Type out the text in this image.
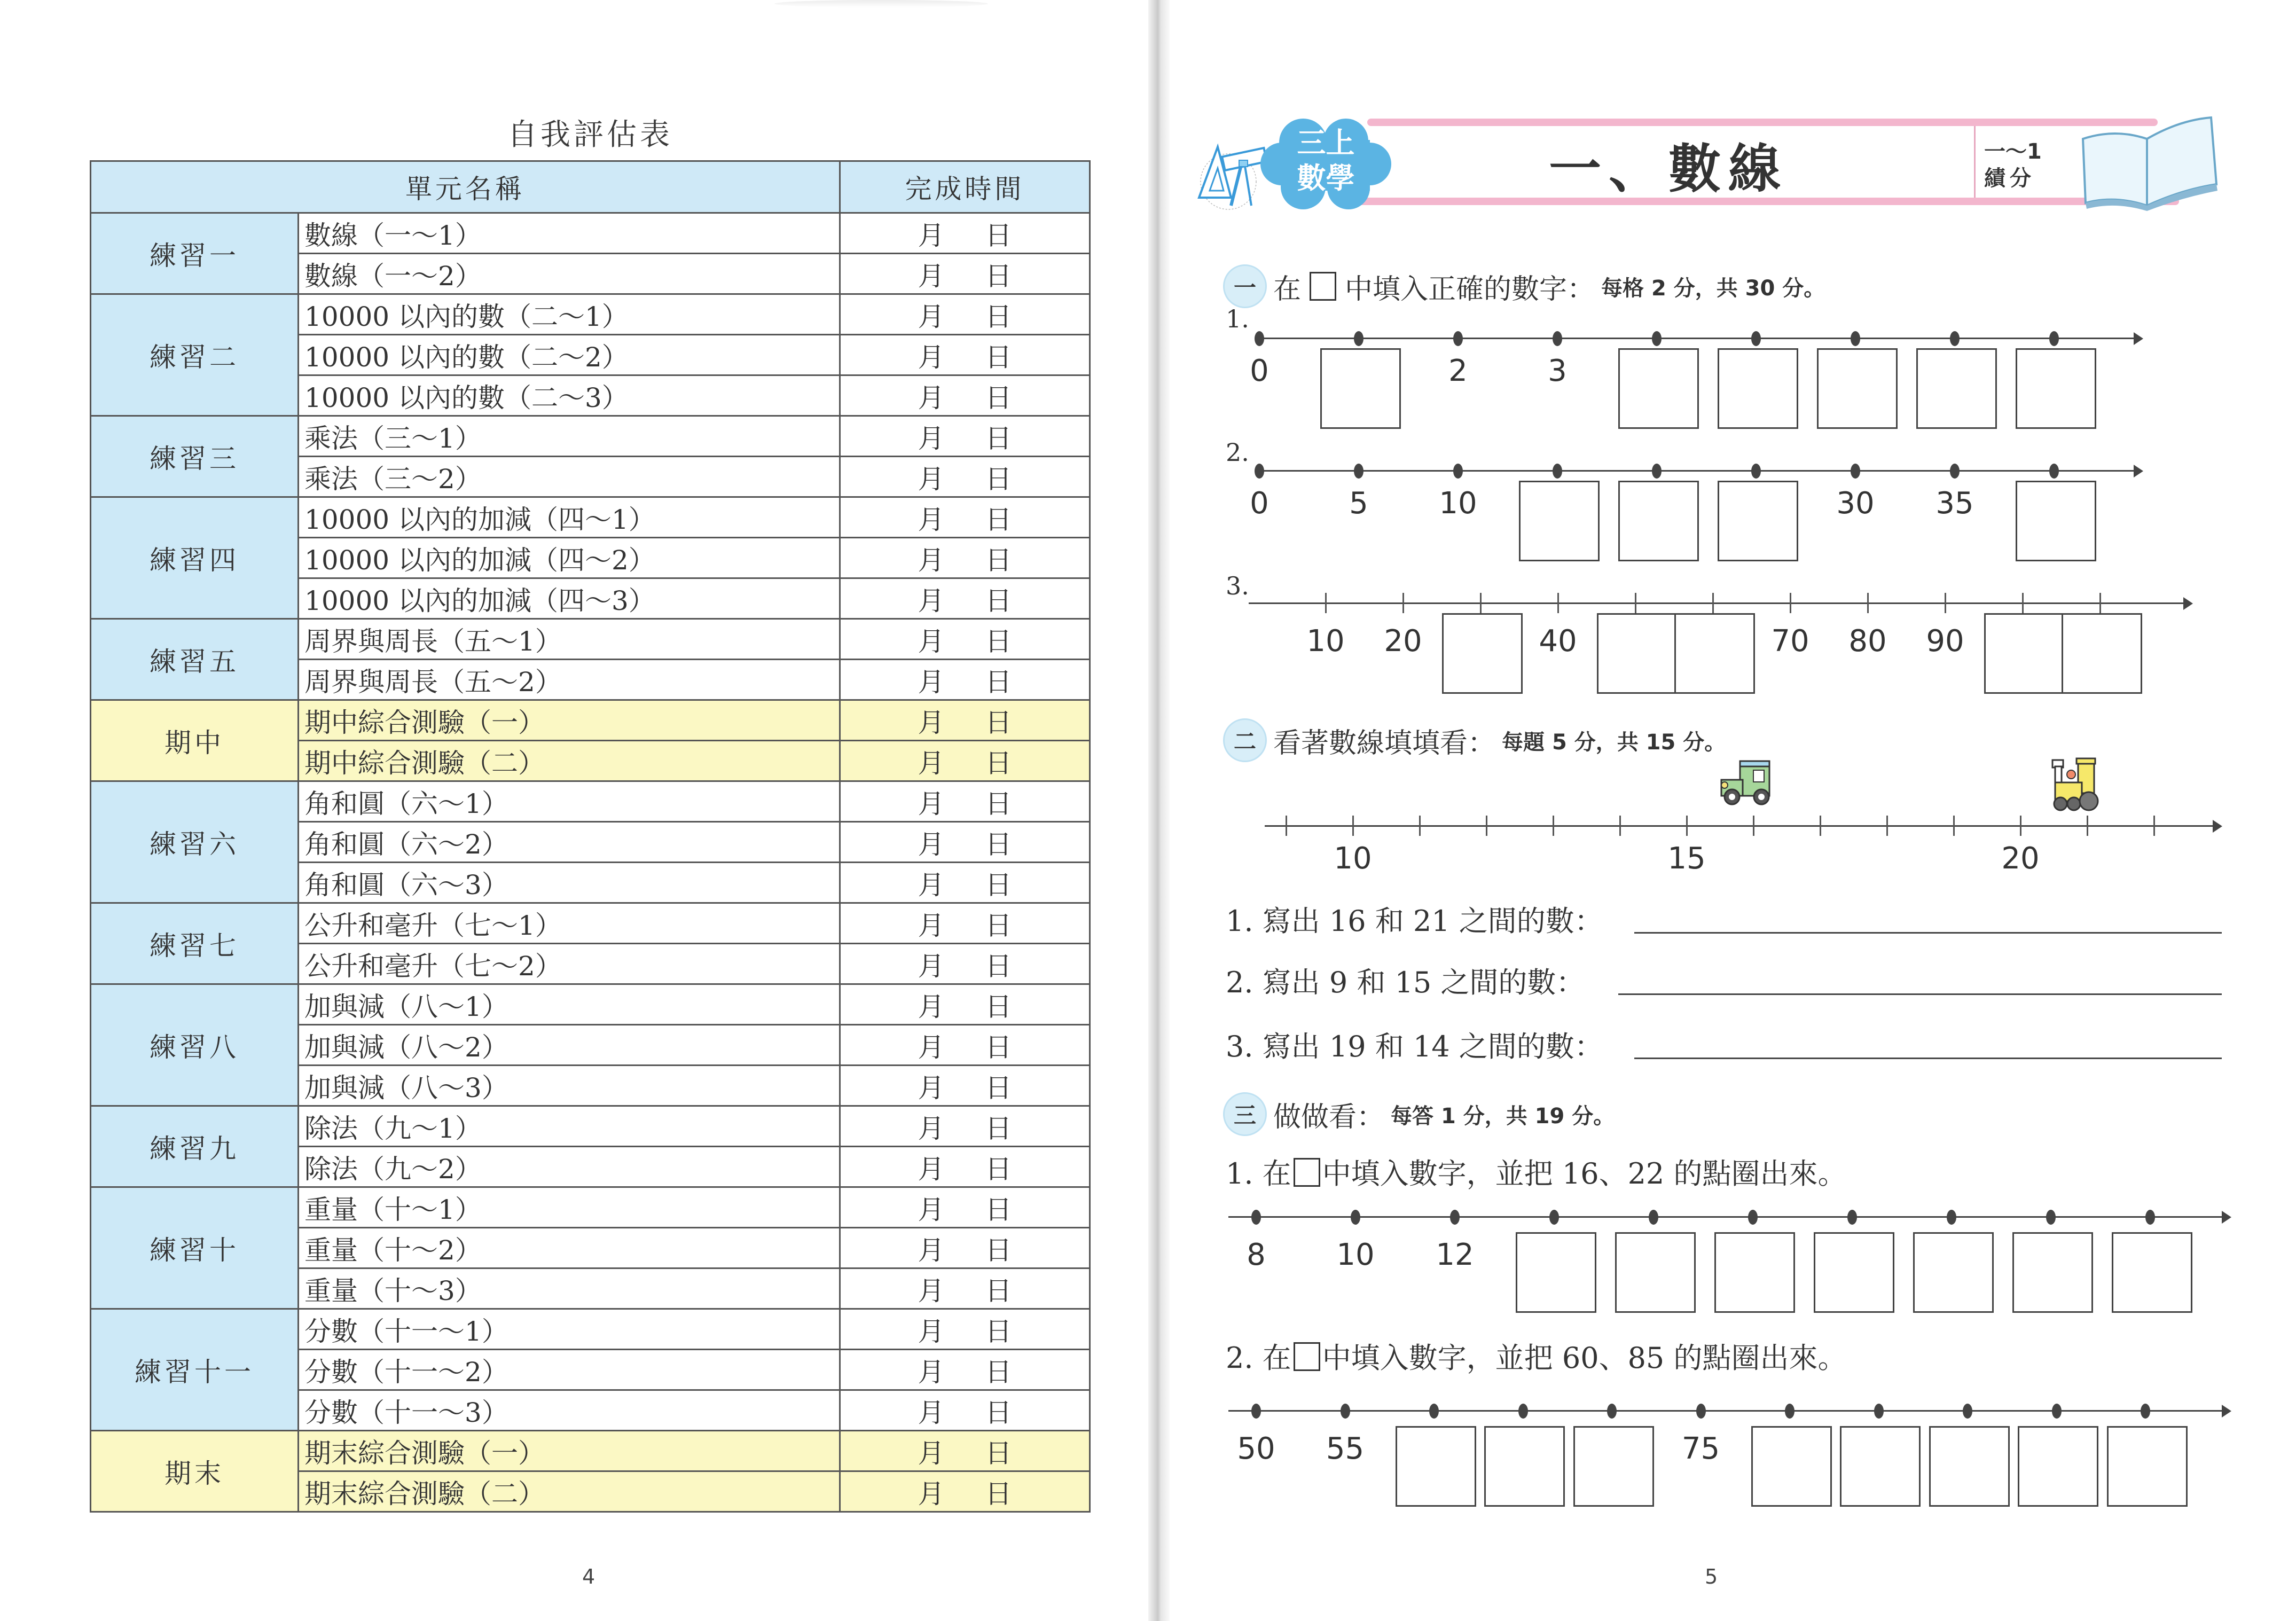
自我評估表
單元名稱		完成時間
練習一	數線（一～1）	月 日
	數線（一～2）	月 日
練習二	10000 以內的數（二～1）	月 日
	10000 以內的數（二～2）	月 日
	10000 以內的數（二～3）	月 日
練習三	乘法（三～1）	月 日
	乘法（三～2）	月 日
練習四	10000 以內的加減（四～1）	月 日
	10000 以內的加減（四～2）	月 日
	10000 以內的加減（四～3）	月 日
練習五	周界與周長（五～1）	月 日
	周界與周長（五～2）	月 日
期中	期中綜合測驗（一）	月 日
	期中綜合測驗（二）	月 日
練習六	角和圓（六～1）	月 日
	角和圓（六～2）	月 日
	角和圓（六～3）	月 日
練習七	公升和毫升（七～1）	月 日
	公升和毫升（七～2）	月 日
練習八	加與減（八～1）	月 日
	加與減（八～2）	月 日
	加與減（八～3）	月 日
練習九	除法（九～1）	月 日
	除法（九～2）	月 日
練習十	重量（十～1）	月 日
	重量（十～2）	月 日
	重量（十～3）	月 日
練習十一	分數（十一～1）	月 日
	分數（十一～2）	月 日
	分數（十一～3）	月 日
期末	期末綜合測驗（一）	月 日
	期末綜合測驗（二）	月 日
4
三上
數學	一、數線	一～1
績分
一 在 中填入正確的數字： 每格 2 分，共 30 分。
二 看著數線填填看： 每題 5 分，共 15 分。
三 做做看： 每答 1 分，共 19 分。
1. 在 中填入數字，並把 16、22 的點圈出來。
2. 在 中填入數字，並把 60、85 的點圈出來。
5
1.
2.
3.
0	2	3
0	5	10	30	35
10	20	40	70	80	90
10	15	20
1. 寫出 16 和 21 之間的數：
2. 寫出 9 和 15 之間的數：
3. 寫出 19 和 14 之間的數：
8	10	12
50	55	75
